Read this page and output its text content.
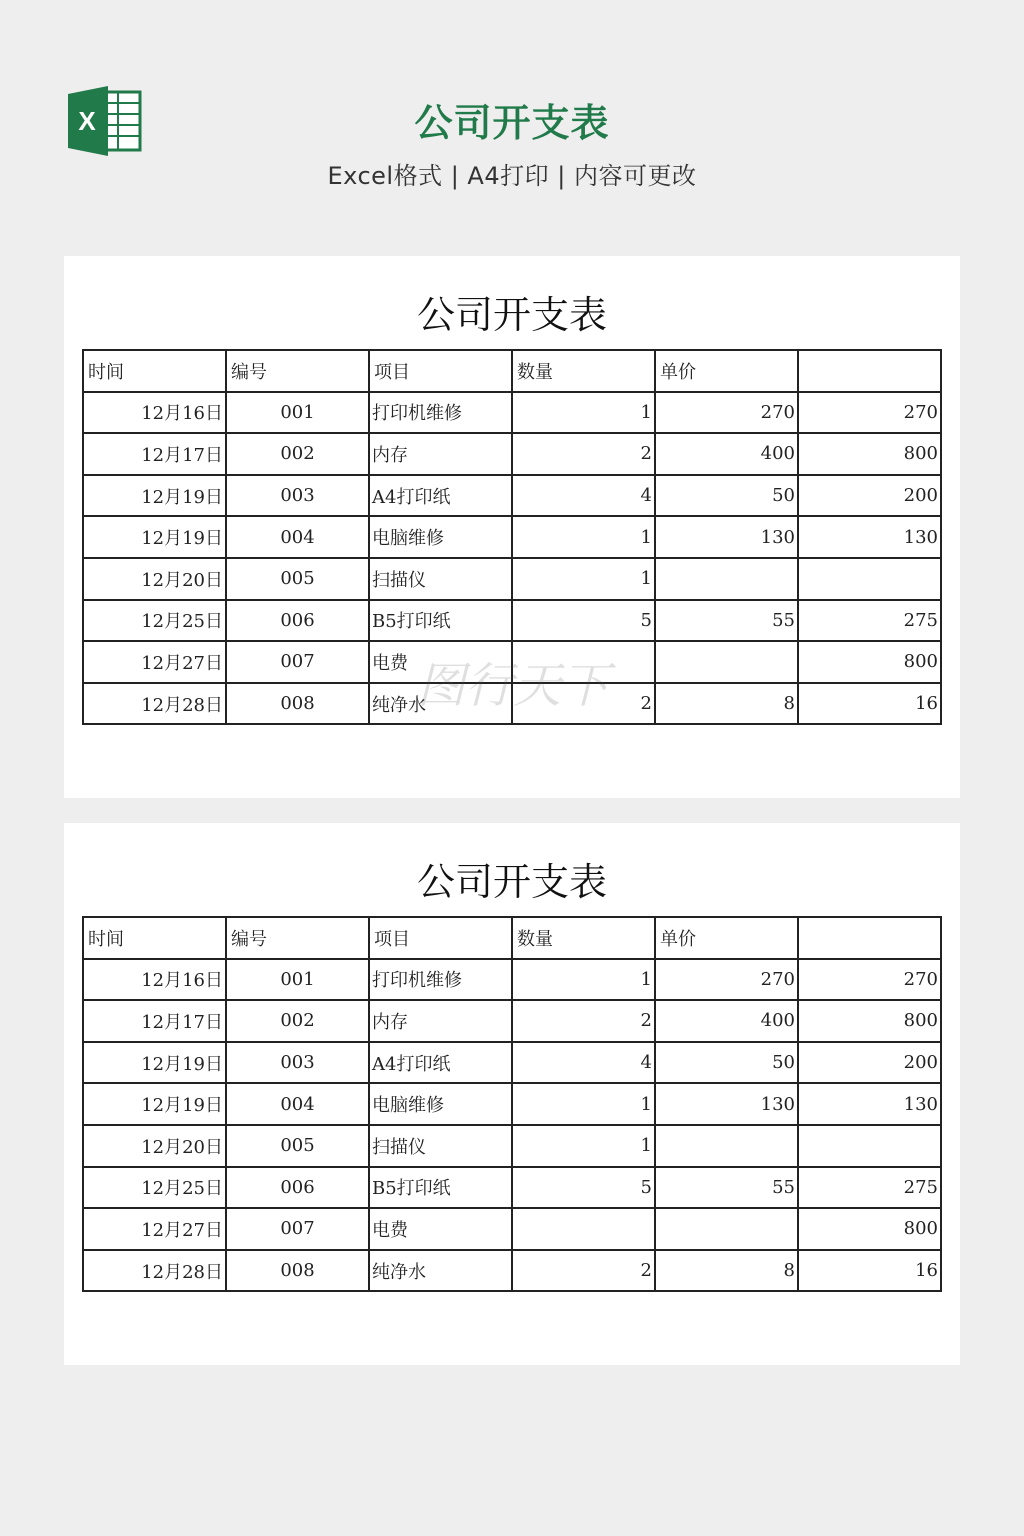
X	公司开支表
Excel格式 | A4打印 | 内容可更改
公司开支表
时间	编号	项目	数量	单价	
12月16日	001	打印机维修	1	270	270
12月17日	002	内存	2	400	800
12月19日	003	A4打印纸	4	50	200
12月19日	004	电脑维修	1	130	130
12月20日	005	扫描仪	1		
12月25日	006	B5打印纸	5	55	275
12月27日	007	电费			800
12月28日	008	纯净水	2	8	16
公司开支表
时间	编号	项目	数量	单价	
12月16日	001	打印机维修	1	270	270
12月17日	002	内存	2	400	800
12月19日	003	A4打印纸	4	50	200
12月19日	004	电脑维修	1	130	130
12月20日	005	扫描仪	1		
12月25日	006	B5打印纸	5	55	275
12月27日	007	电费			800
12月28日	008	纯净水	2	8	16
